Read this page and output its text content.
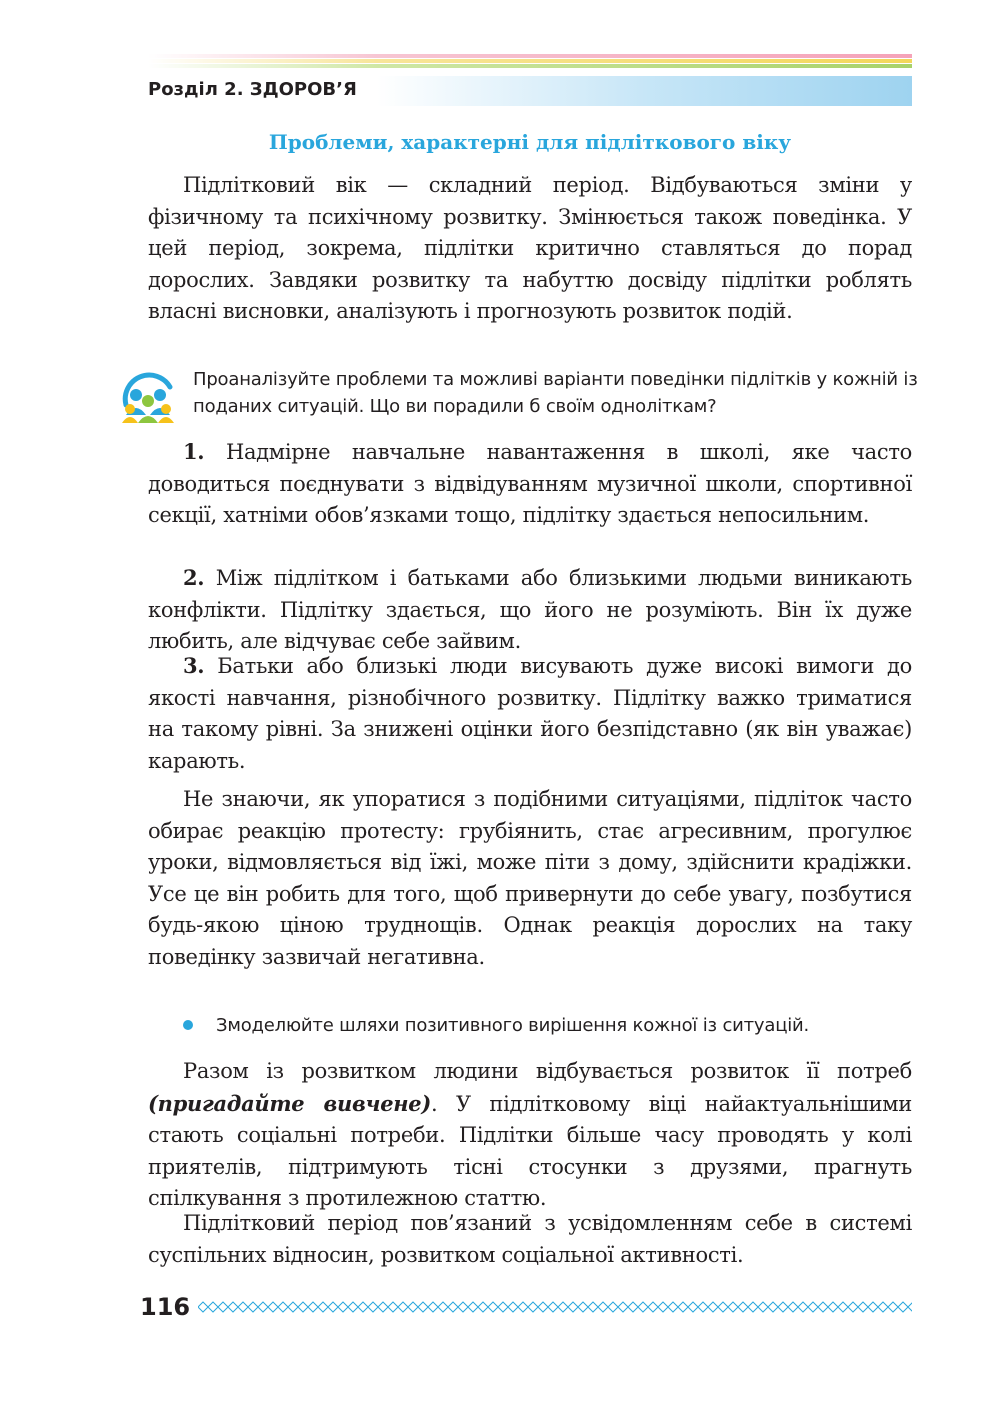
Розділ 2. ЗДОРОВ’Я
Проблеми, характерні для підліткового віку

Підлітковий вік — складний період. Відбуваються зміни у фізичному та психічному розвитку. Змінюється також поведінка. У цей період, зокрема, підлітки критично ставляться до порад дорослих. Завдяки розвитку та набуттю досвіду підлітки роблять власні висновки, аналізують і прогнозують розвиток подій.

Проаналізуйте проблеми та можливі варіанти поведінки підлітків у кожній із поданих ситуацій. Що ви порадили б своїм одноліткам?

1. Надмірне навчальне навантаження в школі, яке часто доводиться поєднувати з відвідуванням музичної школи, спортивної секції, хатніми обов’язками тощо, підлітку здається непосильним.

2. Між підлітком і батьками або близькими людьми виникають конфлікти. Підлітку здається, що його не розуміють. Він їх дуже любить, але відчуває себе зайвим.

3. Батьки або близькі люди висувають дуже високі вимоги до якості навчання, різнобічного розвитку. Підлітку важко триматися на такому рівні. За знижені оцінки його безпідставно (як він уважає) карають.

Не знаючи, як упоратися з подібними ситуаціями, підліток часто обирає реакцію протесту: грубіянить, стає агресивним, прогулює уроки, відмовляється від їжі, може піти з дому, здійснити крадіжки. Усе це він робить для того, щоб привернути до себе увагу, позбутися будь-якою ціною труднощів. Однак реакція дорослих на таку поведінку зазвичай негативна.

Змоделюйте шляхи позитивного вирішення кожної із ситуацій.

Разом із розвитком людини відбувається розвиток її потреб (пригадайте вивчене). У підлітковому віці найактуальнішими стають соціальні потреби. Підлітки більше часу проводять у колі приятелів, підтримують тісні стосунки з друзями, прагнуть спілкування з протилежною статтю.

Підлітковий період пов’язаний з усвідомленням себе в системі суспільних відносин, розвитком соціальної активності.

116
